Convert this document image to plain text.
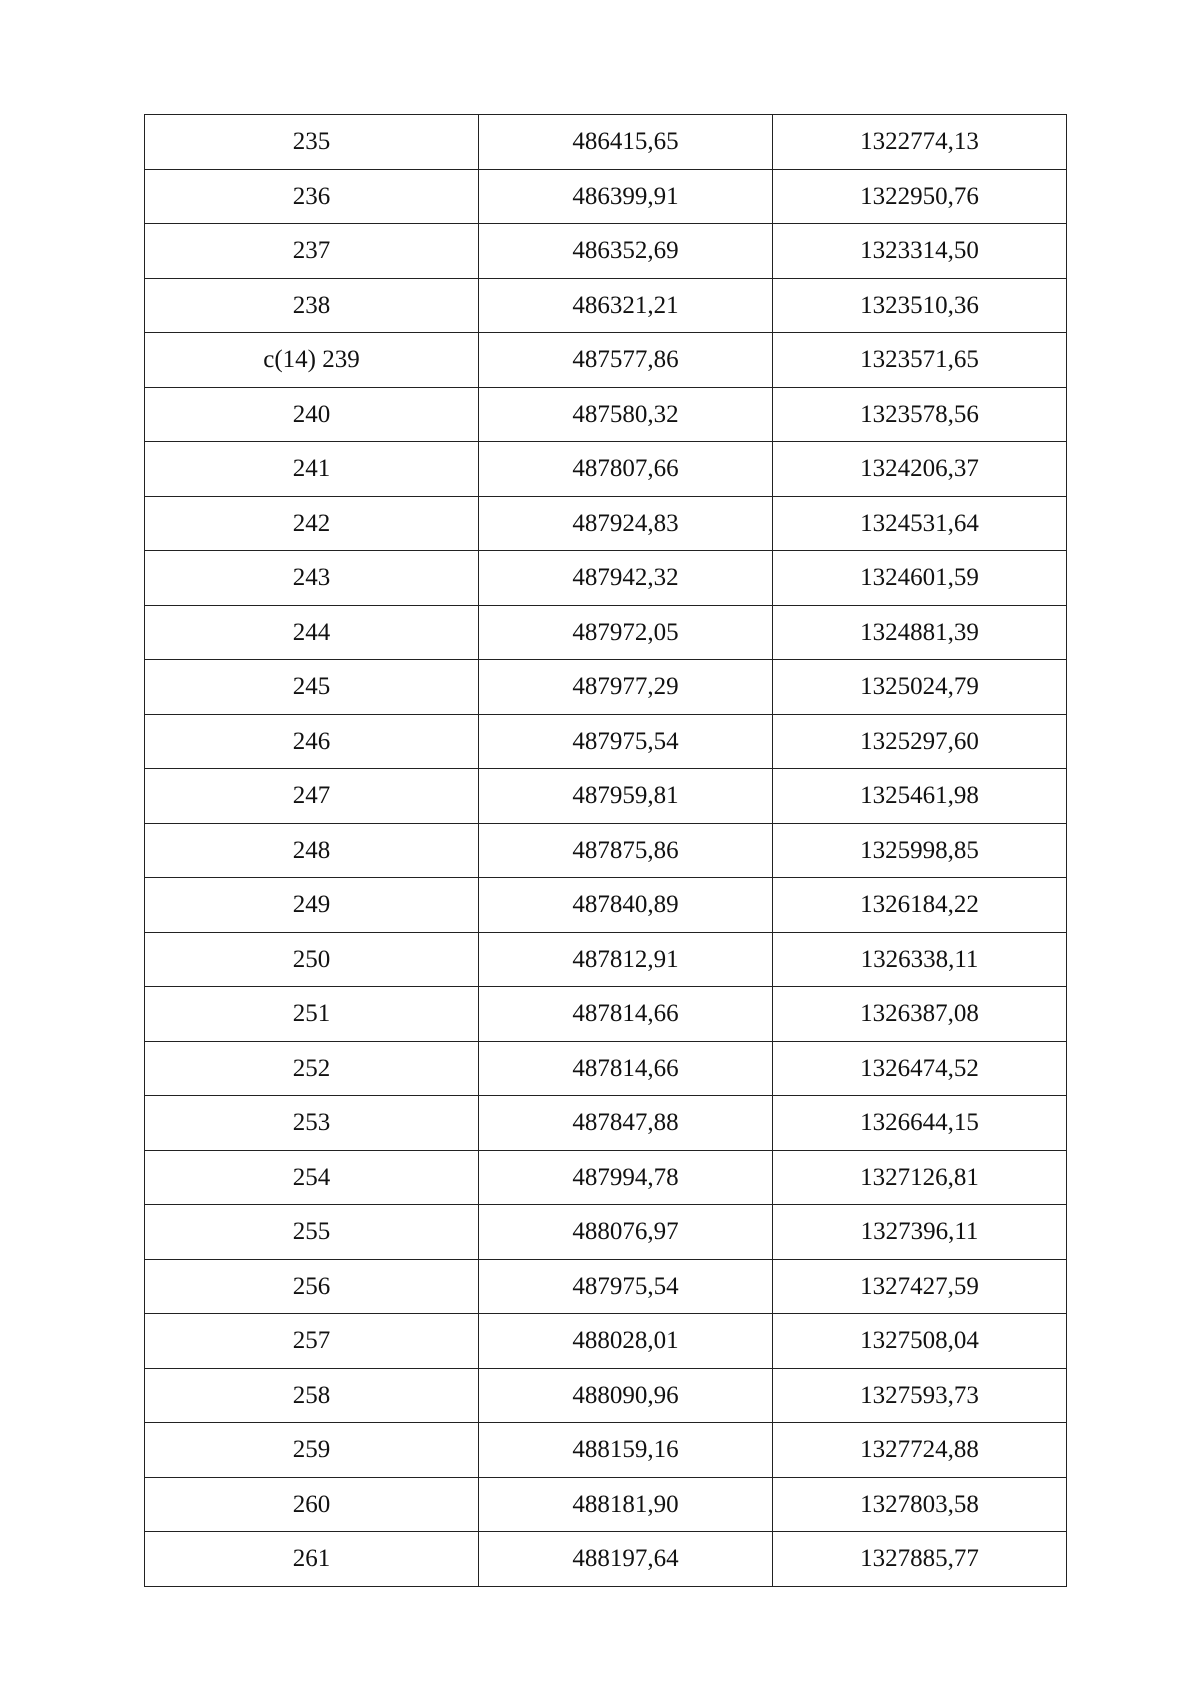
235	486415,65	1322774,13
236	486399,91	1322950,76
237	486352,69	1323314,50
238	486321,21	1323510,36
с(14) 239	487577,86	1323571,65
240	487580,32	1323578,56
241	487807,66	1324206,37
242	487924,83	1324531,64
243	487942,32	1324601,59
244	487972,05	1324881,39
245	487977,29	1325024,79
246	487975,54	1325297,60
247	487959,81	1325461,98
248	487875,86	1325998,85
249	487840,89	1326184,22
250	487812,91	1326338,11
251	487814,66	1326387,08
252	487814,66	1326474,52
253	487847,88	1326644,15
254	487994,78	1327126,81
255	488076,97	1327396,11
256	487975,54	1327427,59
257	488028,01	1327508,04
258	488090,96	1327593,73
259	488159,16	1327724,88
260	488181,90	1327803,58
261	488197,64	1327885,77
